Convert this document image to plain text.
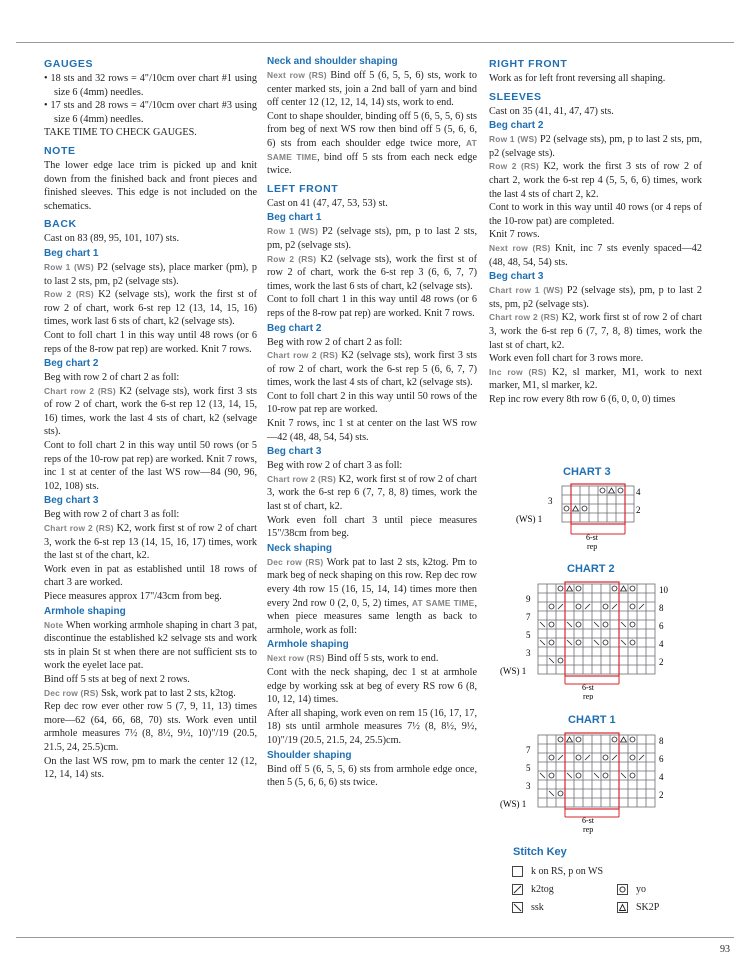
GAUGES

• 18 sts and 32 rows = 4"/10cm over chart #1 using size 6 (4mm) needles.

• 17 sts and 28 rows = 4"/10cm over chart #3 using size 6 (4mm) needles.

TAKE TIME TO CHECK GAUGES.

NOTE

The lower edge lace trim is picked up and knit down from the finished back and front pieces and finished sleeves. This edge is not included on the schematics.

BACK

Cast on 83 (89, 95, 101, 107) sts.

Beg chart 1

Row 1 (WS) P2 (selvage sts), place marker (pm), p to last 2 sts, pm, p2 (selvage sts).

Row 2 (RS) K2 (selvage sts), work the first st of row 2 of chart, work 6-st rep 12 (13, 14, 15, 16) times, work last 6 sts of chart, k2 (selvage sts).

Cont to foll chart 1 in this way until 48 rows (or 6 reps of the 8-row pat rep) are worked. Knit 7 rows.

Beg chart 2

Beg with row 2 of chart 2 as foll:

Chart row 2 (RS) K2 (selvage sts), work first 3 sts of row 2 of chart, work the 6-st rep 12 (13, 14, 15, 16) times, work the last 4 sts of chart, k2 (selvage sts).

Cont to foll chart 2 in this way until 50 rows (or 5 reps of the 10-row pat rep) are worked. Knit 7 rows, inc 1 st at center of the last WS row—84 (90, 96, 102, 108) sts.

Beg chart 3

Beg with row 2 of chart 3 as foll:

Chart row 2 (RS) K2, work first st of row 2 of chart 3, work the 6-st rep 13 (14, 15, 16, 17) times, work the last st of the chart, k2.

Work even in pat as established until 18 rows of chart 3 are worked.

Piece measures approx 17"/43cm from beg.

Armhole shaping

Note When working armhole shaping in chart 3 pat, discontinue the established k2 selvage sts and work sts in plain St st when there are not sufficient sts to work the eyelet lace pat.

Bind off 5 sts at beg of next 2 rows.

Dec row (RS) Ssk, work pat to last 2 sts, k2tog.

Rep dec row ever other row 5 (7, 9, 11, 13) times more—62 (64, 66, 68, 70) sts. Work even until armhole measures 7½ (8, 8½, 9½, 10)"/19 (20.5, 21.5, 24, 25.5)cm.

On the last WS row, pm to mark the center 12 (12, 12, 14, 14) sts.

Neck and shoulder shaping

Next row (RS) Bind off 5 (6, 5, 5, 6) sts, work to center marked sts, join a 2nd ball of yarn and bind off center 12 (12, 12, 14, 14) sts, work to end.

Cont to shape shoulder, binding off 5 (6, 5, 5, 6) sts from beg of next WS row then bind off 5 (5, 6, 6, 6) sts from each shoulder edge twice more, AT SAME TIME, bind off 5 sts from each neck edge twice.

LEFT FRONT

Cast on 41 (47, 47, 53, 53) st.

Beg chart 1

Row 1 (WS) P2 (selvage sts), pm, p to last 2 sts, pm, p2 (selvage sts).

Row 2 (RS) K2 (selvage sts), work the first st of row 2 of chart, work the 6-st rep 3 (6, 6, 7, 7) times, work the last 6 sts of chart, k2 (selvage sts).

Cont to foll chart 1 in this way until 48 rows (or 6 reps of the 8-row pat rep) are worked. Knit 7 rows.

Beg chart 2

Beg with row 2 of chart 2 as foll:

Chart row 2 (RS) K2 (selvage sts), work first 3 sts of row 2 of chart, work the 6-st rep 5 (6, 6, 7, 7) times, work the last 4 sts of chart, k2 (selvage sts).

Cont to foll chart 2 in this way until 50 rows of the 10-row pat rep are worked.

Knit 7 rows, inc 1 st at center on the last WS row—42 (48, 48, 54, 54) sts.

Beg chart 3

Beg with row 2 of chart 3 as foll:

Chart row 2 (RS) K2, work first st of row 2 of chart 3, work the 6-st rep 6 (7, 7, 8, 8) times, work the last st of chart, k2.

Work even foll chart 3 until piece measures 15"/38cm from beg.

Neck shaping

Dec row (RS) Work pat to last 2 sts, k2tog. Pm to mark beg of neck shaping on this row. Rep dec row every 4th row 15 (16, 15, 14, 14) times more then every 2nd row 0 (2, 0, 5, 2) times, AT SAME TIME, when piece measures same length as back to armhole, work as foll:

Armhole shaping

Next row (RS) Bind off 5 sts, work to end.

Cont with the neck shaping, dec 1 st at armhole edge by working ssk at beg of every RS row 6 (8, 10, 12, 14) times.

After all shaping, work even on rem 15 (16, 17, 17, 18) sts until armhole measures 7½ (8, 8½, 9½, 10)"/19 (20.5, 21.5, 24, 25.5)cm.

Shoulder shaping

Bind off 5 (6, 5, 5, 6) sts from armhole edge once, then 5 (5, 6, 6, 6) sts twice.

RIGHT FRONT

Work as for left front reversing all shaping.

SLEEVES

Cast on 35 (41, 41, 47, 47) sts.

Beg chart 2

Row 1 (WS) P2 (selvage sts), pm, p to last 2 sts, pm, p2 (selvage sts).

Row 2 (RS) K2, work the first 3 sts of row 2 of chart 2, work the 6-st rep 4 (5, 5, 6, 6) times, work the last 4 sts of chart 2, k2.

Cont to work in this way until 40 rows (or 4 reps of the 10-row pat) are completed.

Knit 7 rows.

Next row (RS) Knit, inc 7 sts evenly spaced—42 (48, 48, 54, 54) sts.

Beg chart 3

Chart row 1 (WS) P2 (selvage sts), pm, p to last 2 sts, pm, p2 (selvage sts).

Chart row 2 (RS) K2, work first st of row 2 of chart 3, work the 6-st rep 6 (7, 7, 8, 8) times, work the last st of chart, k2.

Work even foll chart for 3 rows more.

Inc row (RS) K2, sl marker, M1, work to next marker, M1, sl marker, k2.

Rep inc row every 8th row 6 (6, 0, 0, 0) times

CHART 3
4
3
2
(WS) 1
6-st
rep
CHART 2
10
8
6
4
2
9
7
5
3
(WS) 1
6-st
rep
CHART 1
8
6
4
2
7
5
3
(WS) 1
6-st
rep
Stitch Key
k on RS, p on WS
k2tog	yo
ssk	SK2P
93
